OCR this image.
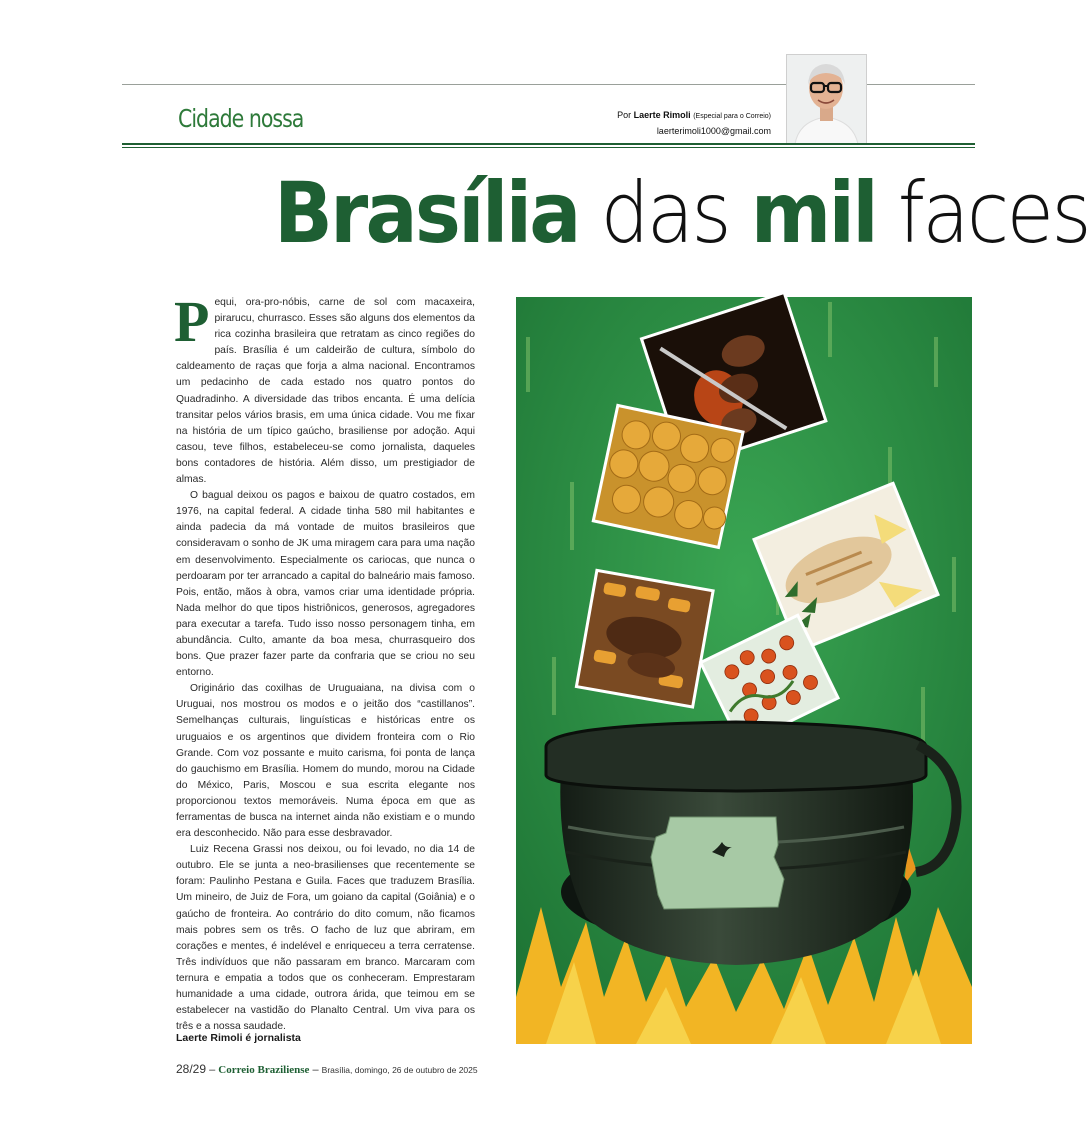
Cidade nossa	Por Laerte Rimoli (Especial para o Correio)
laerterimoli1000@gmail.com
Brasília das mil faces

Pequi, ora-pro-nóbis, carne de sol com macaxeira, pirarucu, churrasco. Esses são alguns dos elementos da rica cozinha brasileira que retratam as cinco regiões do país. Brasília é um caldeirão de cultura, símbolo do caldeamento de raças que forja a alma nacional. Encontramos um pedacinho de cada estado nos quatro pontos do Quadradinho. A diversidade das tribos encanta. É uma delícia transitar pelos vários brasis, em uma única cidade. Vou me fixar na história de um típico gaúcho, brasiliense por adoção. Aqui casou, teve filhos, estabeleceu-se como jornalista, daqueles bons contadores de história. Além disso, um prestigiador de almas.

O bagual deixou os pagos e baixou de quatro costados, em 1976, na capital federal. A cidade tinha 580 mil habitantes e ainda padecia da má vontade de muitos brasileiros que consideravam o sonho de JK uma miragem cara para uma nação em desenvolvimento. Especialmente os cariocas, que nunca o perdoaram por ter arrancado a capital do balneário mais famoso. Pois, então, mãos à obra, vamos criar uma identidade própria. Nada melhor do que tipos histriônicos, generosos, agregadores para executar a tarefa. Tudo isso nosso personagem tinha, em abundância. Culto, amante da boa mesa, churrasqueiro dos bons. Que prazer fazer parte da confraria que se criou no seu entorno.

Originário das coxilhas de Uruguaiana, na divisa com o Uruguai, nos mostrou os modos e o jeitão dos “castillanos”. Semelhanças culturais, linguísticas e históricas entre os uruguaios e os argentinos que dividem fronteira com o Rio Grande. Com voz possante e muito carisma, foi ponta de lança do gauchismo em Brasília. Homem do mundo, morou na Cidade do México, Paris, Moscou e sua escrita elegante nos proporcionou textos memoráveis. Numa época em que as ferramentas de busca na internet ainda não existiam e o mundo era desconhecido. Não para esse desbravador.

Luiz Recena Grassi nos deixou, ou foi levado, no dia 14 de outubro. Ele se junta a neo-brasilienses que recentemente se foram: Paulinho Pestana e Guila. Faces que traduzem Brasília. Um mineiro, de Juiz de Fora, um goiano da capital (Goiânia) e o gaúcho de fronteira. Ao contrário do dito comum, não ficamos mais pobres sem os três. O facho de luz que abriram, em corações e mentes, é indelével e enriqueceu a terra cerratense. Três indivíduos que não passaram em branco. Marcaram com ternura e empatia a todos que os conheceram. Emprestaram humanidade a uma cidade, outrora árida, que teimou em se estabelecer na vastidão do Planalto Central. Um viva para os três e a nossa saudade.

Laerte Rimoli é jornalista
28/29 – Correio Braziliense – Brasília, domingo, 26 de outubro de 2025
